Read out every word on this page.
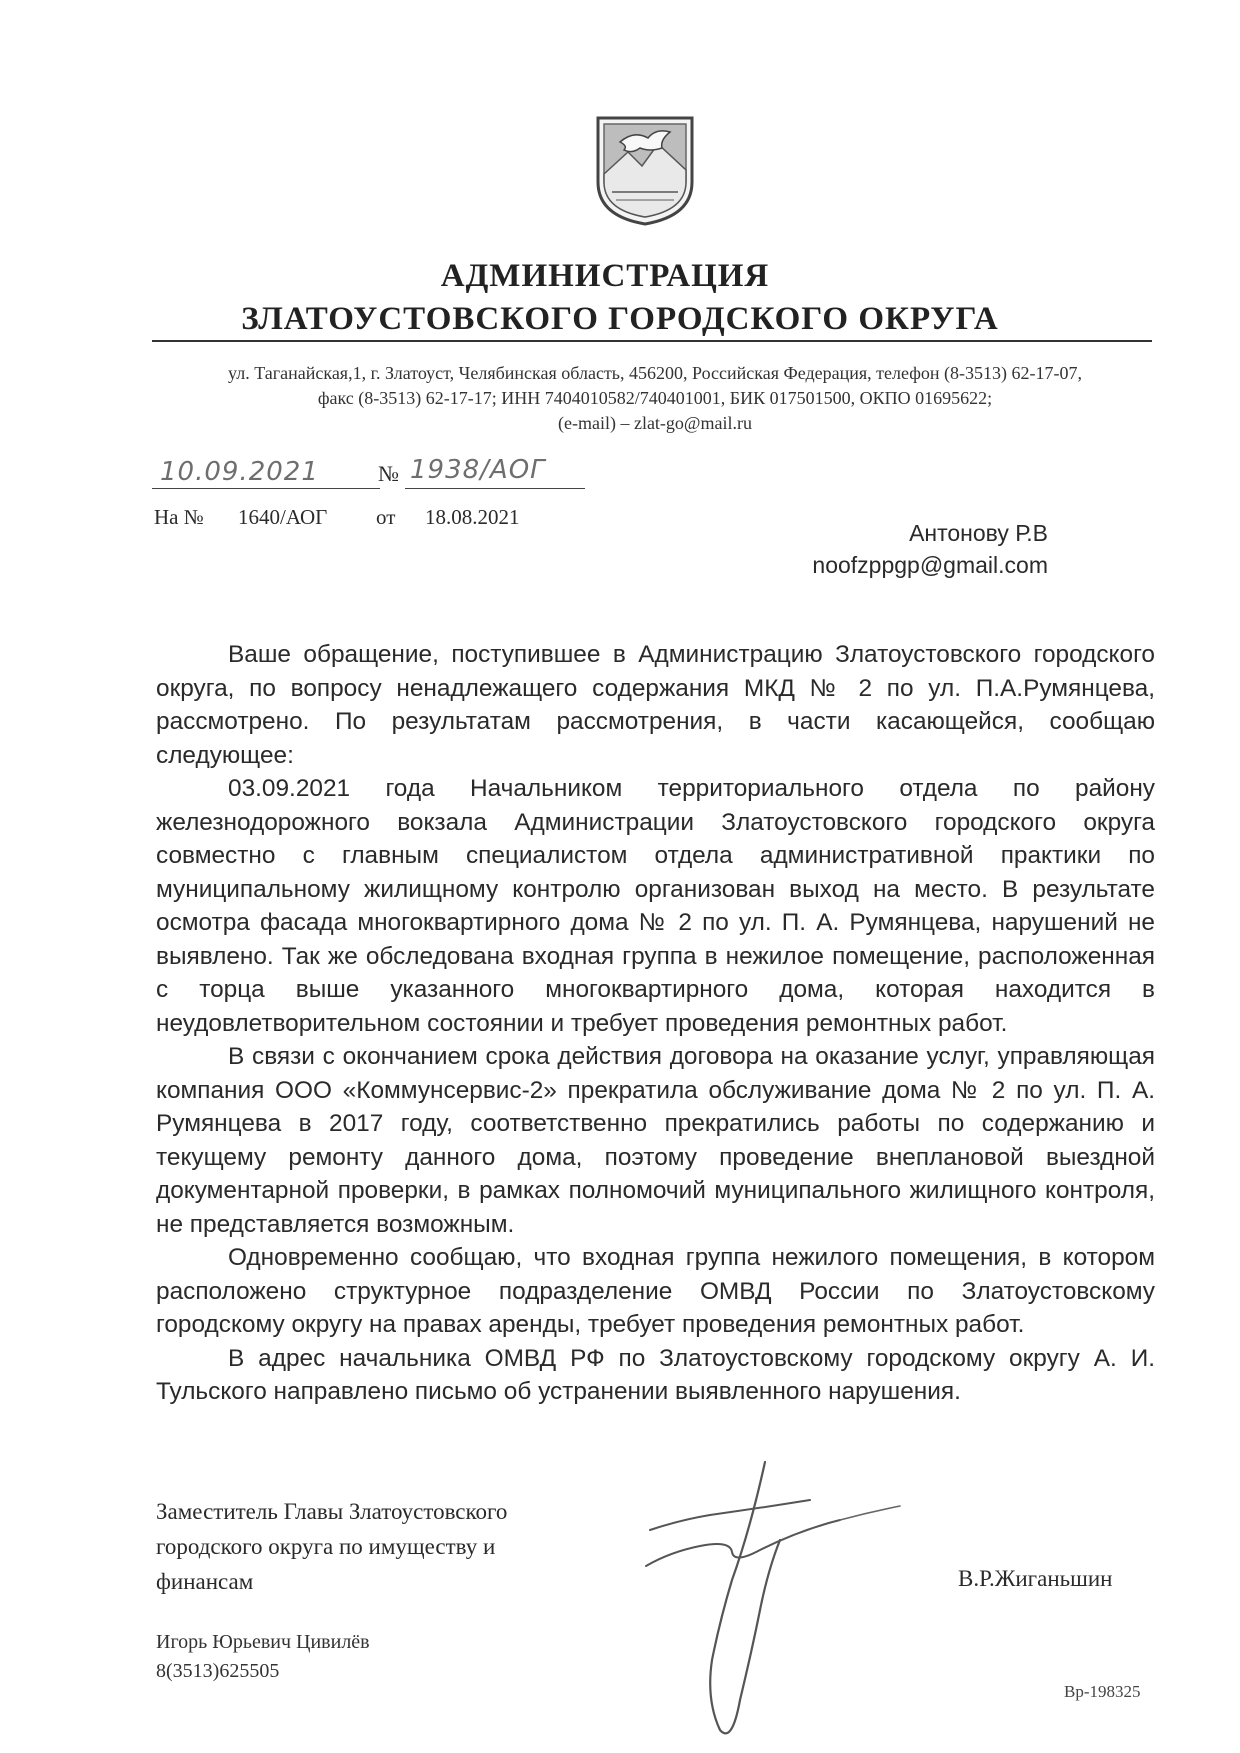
АДМИНИСТРАЦИЯ
ЗЛАТОУСТОВСКОГО ГОРОДСКОГО ОКРУГА
ул. Таганайская,1, г. Златоуст, Челябинская область, 456200, Российская Федерация, телефон (8-3513) 62-17-07,
факс (8-3513) 62-17-17; ИНН 7404010582/740401001, БИК 017501500, ОКПО 01695622;
(e-mail) – zlat-go@mail.ru
10.09.2021	№ 1938/АОГ
На № 1640/АОГ от 18.08.2021
Антонову Р.В
noofzppgp@gmail.com

Ваше обращение, поступившее в Администрацию Златоустовского городского округа, по вопросу ненадлежащего содержания МКД № 2 по ул. П.А.Румянцева, рассмотрено. По результатам рассмотрения, в части касающейся, сообщаю следующее:

03.09.2021 года Начальником территориального отдела по району железнодорожного вокзала Администрации Златоустовского городского округа совместно с главным специалистом отдела административной практики по муниципальному жилищному контролю организован выход на место. В результате осмотра фасада многоквартирного дома № 2 по ул. П. А. Румянцева, нарушений не выявлено. Так же обследована входная группа в нежилое помещение, расположенная с торца выше указанного многоквартирного дома, которая находится в неудовлетворительном состоянии и требует проведения ремонтных работ.

В связи с окончанием срока действия договора на оказание услуг, управляющая компания ООО «Коммунсервис-2» прекратила обслуживание дома № 2 по ул. П. А. Румянцева в 2017 году, соответственно прекратились работы по содержанию и текущему ремонту данного дома, поэтому проведение внеплановой выездной документарной проверки, в рамках полномочий муниципального жилищного контроля, не представляется возможным.

Одновременно сообщаю, что входная группа нежилого помещения, в котором расположено структурное подразделение ОМВД России по Златоустовскому городскому округу на правах аренды, требует проведения ремонтных работ.

В адрес начальника ОМВД РФ по Златоустовскому городскому округу А. И. Тульского направлено письмо об устранении выявленного нарушения.

Заместитель Главы Златоустовского
городского округа по имуществу и
финансам	В.Р.Жиганьшин
Игорь Юрьевич Цивилёв
8(3513)625505
Вр-198325
